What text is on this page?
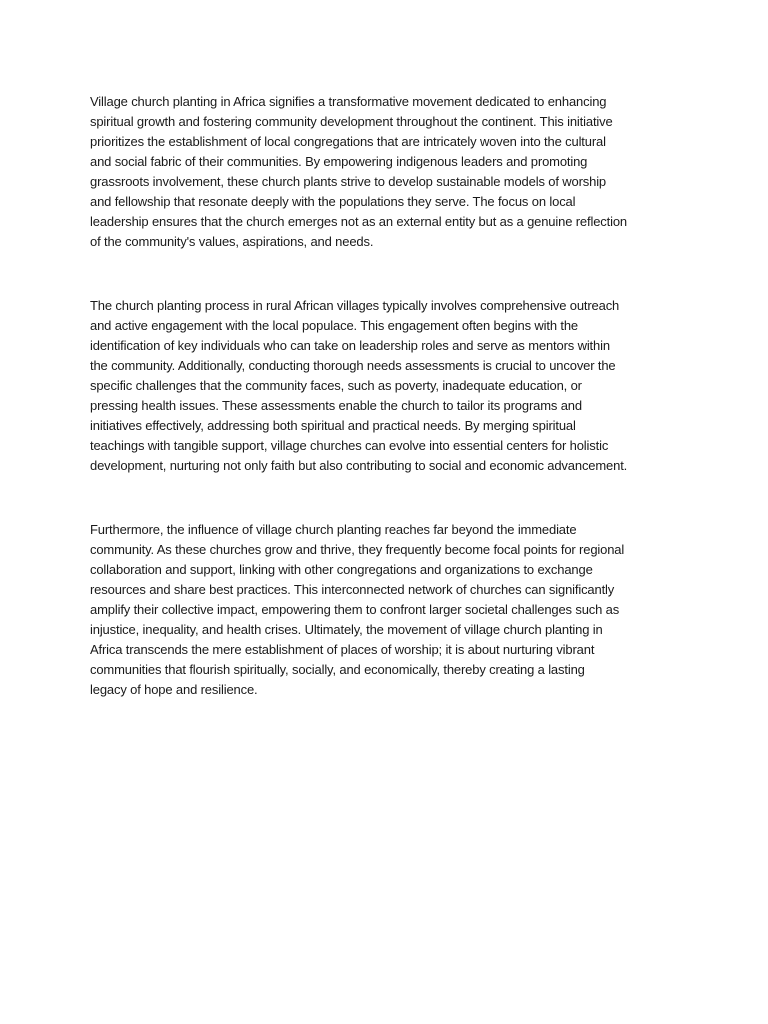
Village church planting in Africa signifies a transformative movement dedicated to enhancing
spiritual growth and fostering community development throughout the continent. This initiative
prioritizes the establishment of local congregations that are intricately woven into the cultural
and social fabric of their communities. By empowering indigenous leaders and promoting
grassroots involvement, these church plants strive to develop sustainable models of worship
and fellowship that resonate deeply with the populations they serve. The focus on local
leadership ensures that the church emerges not as an external entity but as a genuine reflection
of the community's values, aspirations, and needs.

The church planting process in rural African villages typically involves comprehensive outreach
and active engagement with the local populace. This engagement often begins with the
identification of key individuals who can take on leadership roles and serve as mentors within
the community. Additionally, conducting thorough needs assessments is crucial to uncover the
specific challenges that the community faces, such as poverty, inadequate education, or
pressing health issues. These assessments enable the church to tailor its programs and
initiatives effectively, addressing both spiritual and practical needs. By merging spiritual
teachings with tangible support, village churches can evolve into essential centers for holistic
development, nurturing not only faith but also contributing to social and economic advancement.

Furthermore, the influence of village church planting reaches far beyond the immediate
community. As these churches grow and thrive, they frequently become focal points for regional
collaboration and support, linking with other congregations and organizations to exchange
resources and share best practices. This interconnected network of churches can significantly
amplify their collective impact, empowering them to confront larger societal challenges such as
injustice, inequality, and health crises. Ultimately, the movement of village church planting in
Africa transcends the mere establishment of places of worship; it is about nurturing vibrant
communities that flourish spiritually, socially, and economically, thereby creating a lasting
legacy of hope and resilience.
